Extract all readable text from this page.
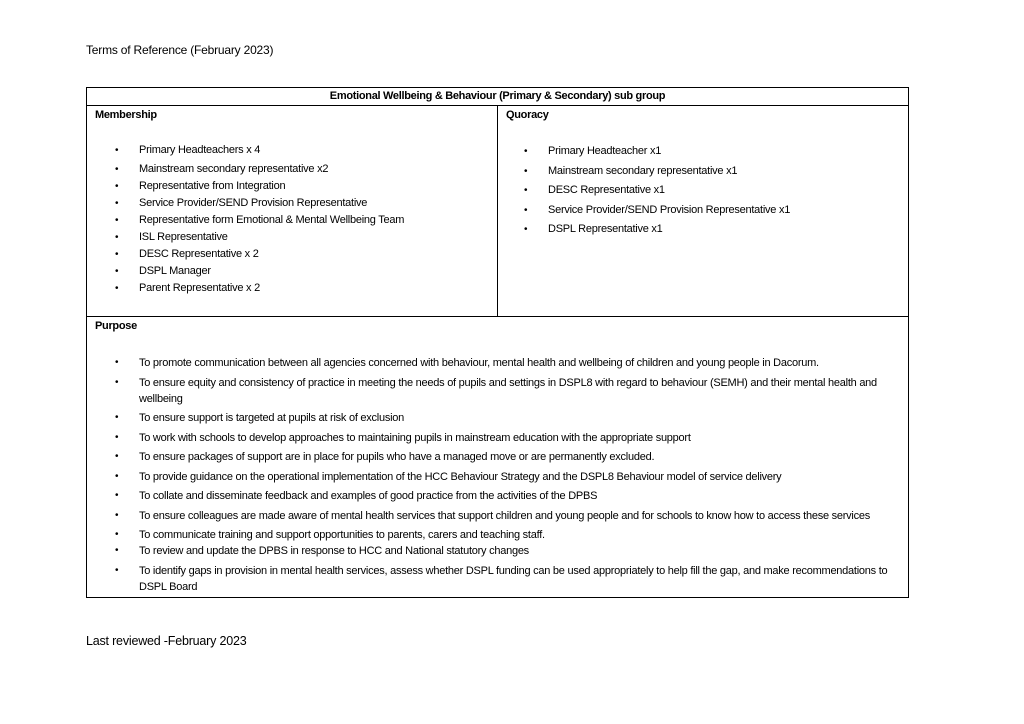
Terms of Reference (February 2023)
Emotional Wellbeing & Behaviour (Primary & Secondary) sub group

Membership
• Primary Headteachers x 4
• Mainstream secondary representative x2
• Representative from Integration
• Service Provider/SEND Provision Representative
• Representative form Emotional & Mental Wellbeing Team
• ISL Representative
• DESC Representative x 2
• DSPL Manager
• Parent Representative x 2

Quoracy
• Primary Headteacher x1
• Mainstream secondary representative x1
• DESC Representative x1
• Service Provider/SEND Provision Representative x1
• DSPL Representative x1

Purpose
• To promote communication between all agencies concerned with behaviour, mental health and wellbeing of children and young people in Dacorum.
• To ensure equity and consistency of practice in meeting the needs of pupils and settings in DSPL8 with regard to behaviour (SEMH) and their mental health and wellbeing
• To ensure support is targeted at pupils at risk of exclusion
• To work with schools to develop approaches to maintaining pupils in mainstream education with the appropriate support
• To ensure packages of support are in place for pupils who have a managed move or are permanently excluded.
• To provide guidance on the operational implementation of the HCC Behaviour Strategy and the DSPL8 Behaviour model of service delivery
• To collate and disseminate feedback and examples of good practice from the activities of the DPBS
• To ensure colleagues are made aware of mental health services that support children and young people and for schools to know how to access these services
• To communicate training and support opportunities to parents, carers and teaching staff.
• To review and update the DPBS in response to HCC and National statutory changes
• To identify gaps in provision in mental health services, assess whether DSPL funding can be used appropriately to help fill the gap, and make recommendations to DSPL Board
Last reviewed -February 2023
